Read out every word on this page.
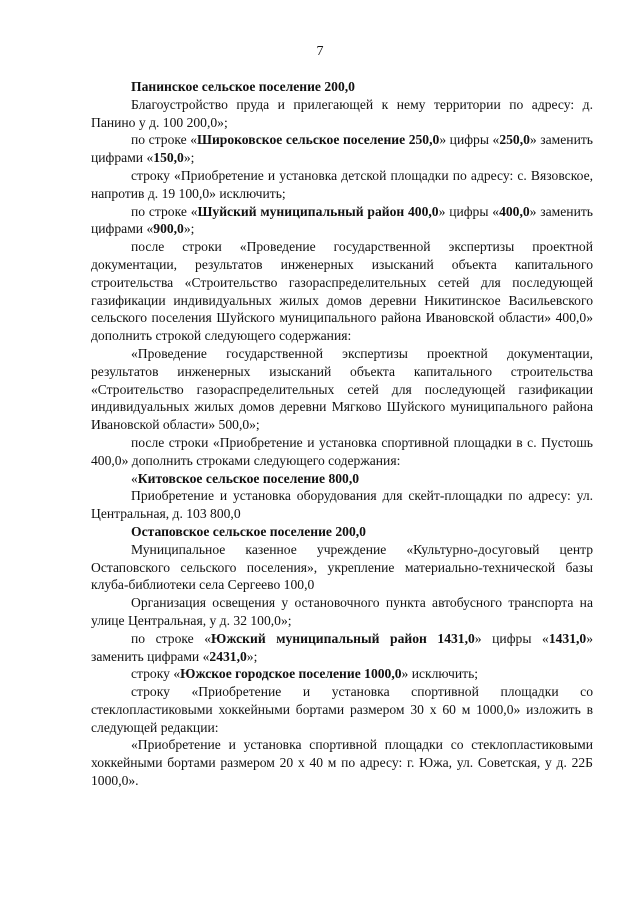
7

Панинское сельское поселение 200,0

Благоустройство пруда и прилегающей к нему территории по адресу: д. Панино у д. 100 200,0»;

по строке «Широковское сельское поселение 250,0» цифры «250,0» заменить цифрами «150,0»;

строку «Приобретение и установка детской площадки по адресу: с. Вязовское, напротив д. 19 100,0» исключить;

по строке «Шуйский муниципальный район 400,0» цифры «400,0» заменить цифрами «900,0»;

после строки «Проведение государственной экспертизы проектной документации, результатов инженерных изысканий объекта капитального строительства «Строительство газораспределительных сетей для последующей газификации индивидуальных жилых домов деревни Никитинское Васильевского сельского поселения Шуйского муниципального района Ивановской области» 400,0» дополнить строкой следующего содержания:

«Проведение государственной экспертизы проектной документации, результатов инженерных изысканий объекта капитального строительства «Строительство газораспределительных сетей для последующей газификации индивидуальных жилых домов деревни Мягково Шуйского муниципального района Ивановской области» 500,0»;

после строки «Приобретение и установка спортивной площадки в с. Пустошь 400,0» дополнить строками следующего содержания:

«Китовское сельское поселение 800,0

Приобретение и установка оборудования для скейт-площадки по адресу: ул. Центральная, д. 103 800,0

Остаповское сельское поселение 200,0

Муниципальное казенное учреждение «Культурно-досуговый центр Остаповского сельского поселения», укрепление материально-технической базы клуба-библиотеки села Сергеево 100,0

Организация освещения у остановочного пункта автобусного транспорта на улице Центральная, у д. 32 100,0»;

по строке «Южский муниципальный район 1431,0» цифры «1431,0» заменить цифрами «2431,0»;

строку «Южское городское поселение 1000,0» исключить;

строку «Приобретение и установка спортивной площадки со стеклопластиковыми хоккейными бортами размером 30 х 60 м 1000,0» изложить в следующей редакции:

«Приобретение и установка спортивной площадки со стеклопластиковыми хоккейными бортами размером 20 х 40 м по адресу: г. Южа, ул. Советская, у д. 22Б 1000,0».
